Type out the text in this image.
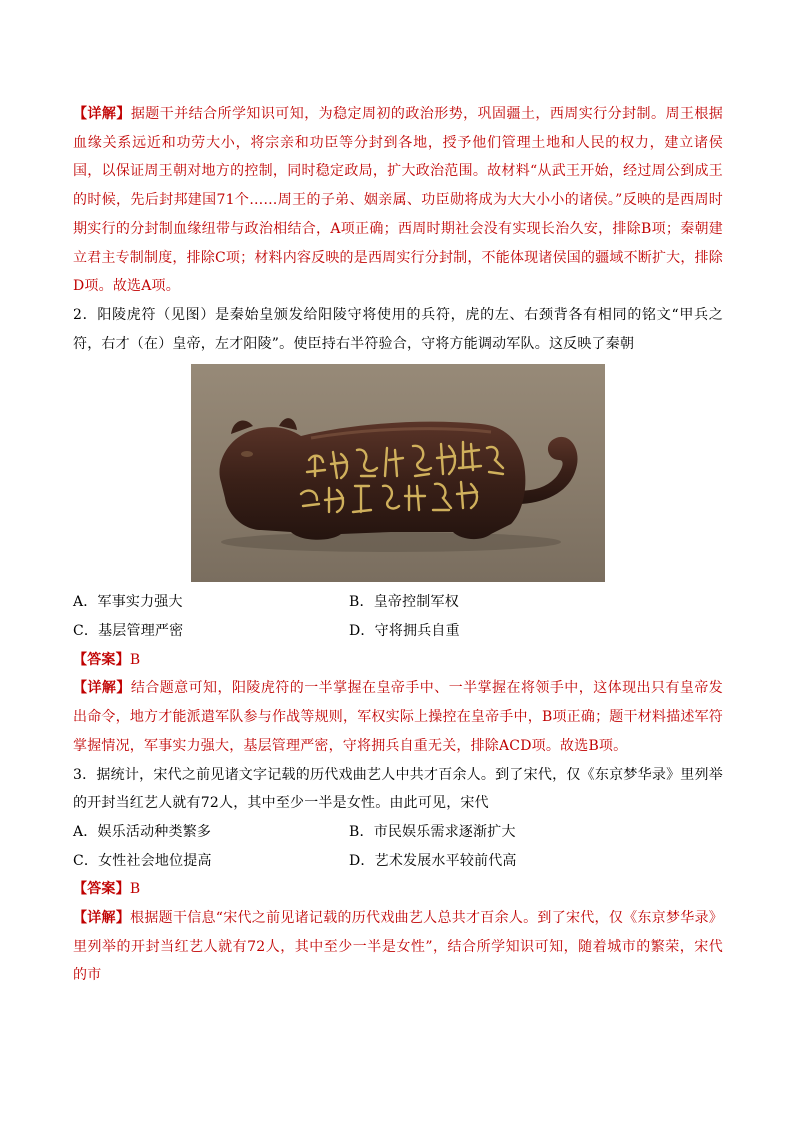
【详解】据题干并结合所学知识可知，为稳定周初的政治形势，巩固疆土，西周实行分封制。周王根据血缘关系远近和功劳大小，将宗亲和功臣等分封到各地，授予他们管理土地和人民的权力，建立诸侯国，以保证周王朝对地方的控制，同时稳定政局，扩大政治范围。故材料“从武王开始，经过周公到成王的时候，先后封邦建国71个……周王的子弟、姻亲属、功臣勋将成为大大小小的诸侯。”反映的是西周时期实行的分封制血缘纽带与政治相结合，A项正确；西周时期社会没有实现长治久安，排除B项；秦朝建立君主专制制度，排除C项；材料内容反映的是西周实行分封制，不能体现诸侯国的疆域不断扩大，排除D项。故选A项。

2．阳陵虎符（见图）是秦始皇颁发给阳陵守将使用的兵符，虎的左、右颈背各有相同的铭文“甲兵之符，右才（在）皇帝，左才阳陵”。使臣持右半符验合，守将方能调动军队。这反映了秦朝

A．军事实力强大	B．皇帝控制军权
C．基层管理严密	D．守将拥兵自重

【答案】B

【详解】结合题意可知，阳陵虎符的一半掌握在皇帝手中、一半掌握在将领手中，这体现出只有皇帝发出命令，地方才能派遣军队参与作战等规则，军权实际上操控在皇帝手中，B项正确；题干材料描述军符掌握情况，军事实力强大，基层管理严密，守将拥兵自重无关，排除ACD项。故选B项。

3．据统计，宋代之前见诸文字记载的历代戏曲艺人中共才百余人。到了宋代，仅《东京梦华录》里列举的开封当红艺人就有72人，其中至少一半是女性。由此可见，宋代

A．娱乐活动种类繁多	B．市民娱乐需求逐渐扩大
C．女性社会地位提高	D．艺术发展水平较前代高

【答案】B

【详解】根据题干信息“宋代之前见诸记载的历代戏曲艺人总共才百余人。到了宋代，仅《东京梦华录》里列举的开封当红艺人就有72人，其中至少一半是女性”，结合所学知识可知，随着城市的繁荣，宋代的市
